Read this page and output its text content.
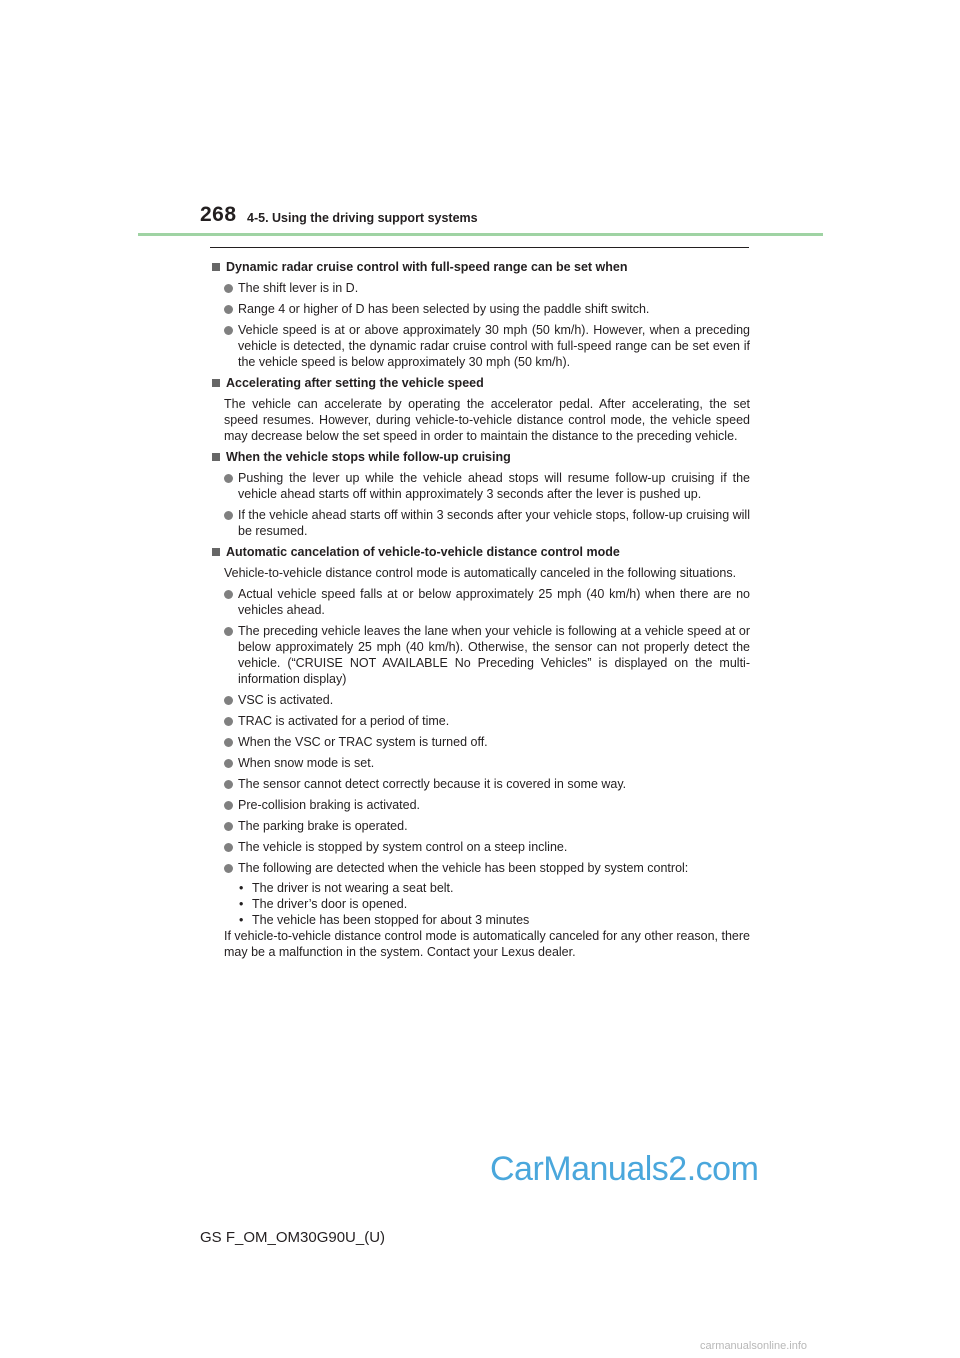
268 4-5. Using the driving support systems
Dynamic radar cruise control with full-speed range can be set when
The shift lever is in D.
Range 4 or higher of D has been selected by using the paddle shift switch.
Vehicle speed is at or above approximately 30 mph (50 km/h). However, when a preceding vehicle is detected, the dynamic radar cruise control with full-speed range can be set even if the vehicle speed is below approximately 30 mph (50 km/h).
Accelerating after setting the vehicle speed
The vehicle can accelerate by operating the accelerator pedal. After accelerating, the set speed resumes. However, during vehicle-to-vehicle distance control mode, the vehicle speed may decrease below the set speed in order to maintain the distance to the preceding vehicle.
When the vehicle stops while follow-up cruising
Pushing the lever up while the vehicle ahead stops will resume follow-up cruising if the vehicle ahead starts off within approximately 3 seconds after the lever is pushed up.
If the vehicle ahead starts off within 3 seconds after your vehicle stops, follow-up cruising will be resumed.
Automatic cancelation of vehicle-to-vehicle distance control mode
Vehicle-to-vehicle distance control mode is automatically canceled in the following situations.
Actual vehicle speed falls at or below approximately 25 mph (40 km/h) when there are no vehicles ahead.
The preceding vehicle leaves the lane when your vehicle is following at a vehicle speed at or below approximately 25 mph (40 km/h). Otherwise, the sensor can not properly detect the vehicle. (“CRUISE NOT AVAILABLE No Preceding Vehicles” is displayed on the multi-information display)
VSC is activated.
TRAC is activated for a period of time.
When the VSC or TRAC system is turned off.
When snow mode is set.
The sensor cannot detect correctly because it is covered in some way.
Pre-collision braking is activated.
The parking brake is operated.
The vehicle is stopped by system control on a steep incline.
The following are detected when the vehicle has been stopped by system control:
• The driver is not wearing a seat belt.
• The driver’s door is opened.
• The vehicle has been stopped for about 3 minutes
If vehicle-to-vehicle distance control mode is automatically canceled for any other reason, there may be a malfunction in the system. Contact your Lexus dealer.
CarManuals2.com
GS F_OM_OM30G90U_(U)
carmanualsonline.info
